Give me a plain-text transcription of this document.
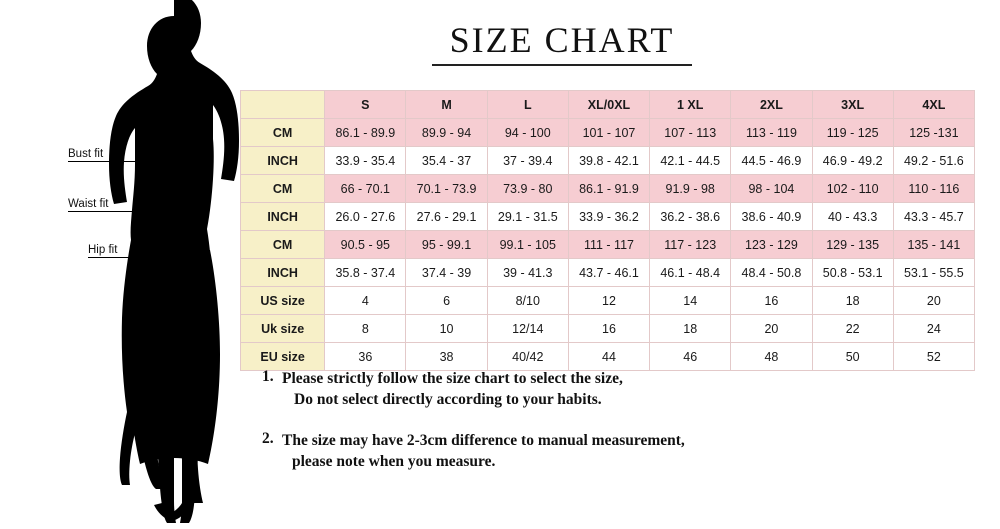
Bust fit
Waist fit
Hip fit
SIZE CHART
	S	M	L	XL/0XL	1 XL	2XL	3XL	4XL
CM	86.1 - 89.9	89.9 - 94	94 - 100	101 - 107	107 - 113	113 - 119	119 - 125	125 -131
INCH	33.9 - 35.4	35.4 - 37	37 - 39.4	39.8 - 42.1	42.1 - 44.5	44.5 - 46.9	46.9 - 49.2	49.2 - 51.6
CM	66 - 70.1	70.1 - 73.9	73.9 - 80	86.1 - 91.9	91.9 - 98	98 - 104	102 - 110	110 - 116
INCH	26.0 - 27.6	27.6 - 29.1	29.1 - 31.5	33.9 - 36.2	36.2 - 38.6	38.6 - 40.9	40 - 43.3	43.3 - 45.7
CM	90.5 - 95	95 - 99.1	99.1 - 105	111 - 117	117 - 123	123 - 129	129 - 135	135 - 141
INCH	35.8 - 37.4	37.4 - 39	39 - 41.3	43.7 - 46.1	46.1 - 48.4	48.4 - 50.8	50.8 - 53.1	53.1 - 55.5
US size	4	6	8/10	12	14	16	18	20
Uk size	8	10	12/14	16	18	20	22	24
EU size	36	38	40/42	44	46	48	50	52
1. Please strictly follow the size chart to select the size,
Do not select directly according to your habits.
2. The size may have 2-3cm difference to manual measurement,
please note when you measure.
